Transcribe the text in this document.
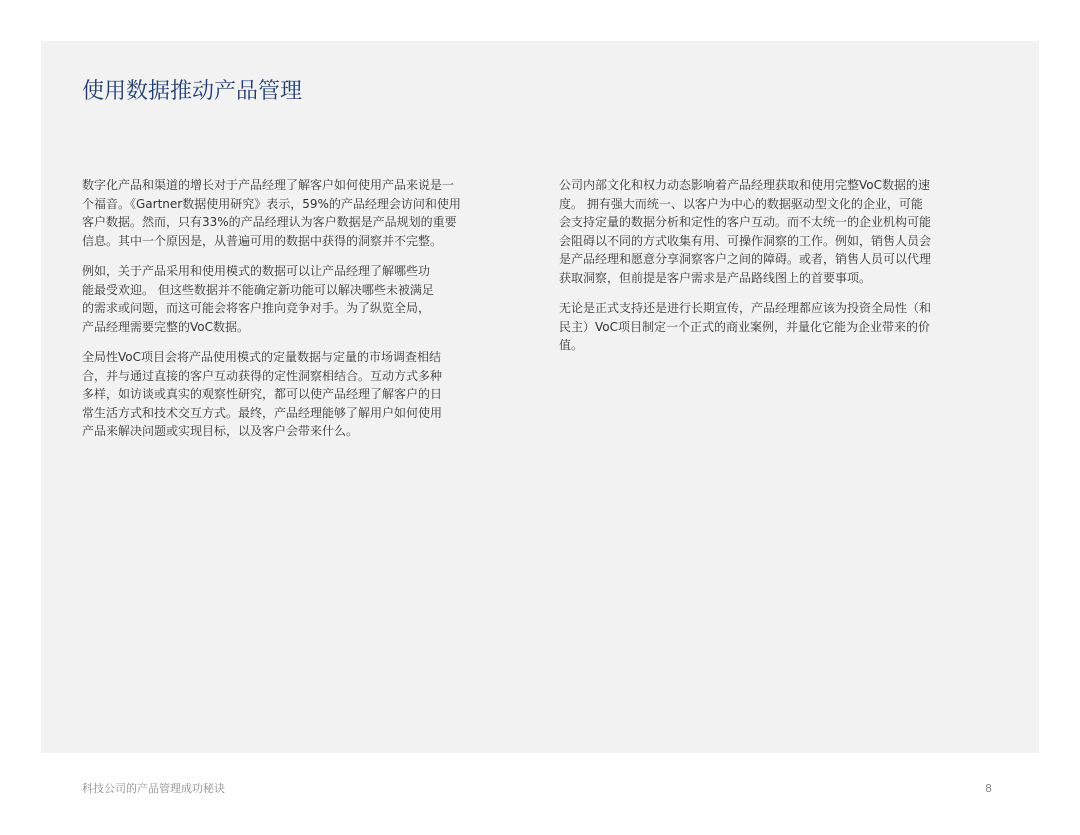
使用数据推动产品管理

数字化产品和渠道的增长对于产品经理了解客户如何使用产品来说是一
个福音。《Gartner数据使用研究》表示，59%的产品经理会访问和使用
客户数据。然而，只有33%的产品经理认为客户数据是产品规划的重要
信息。其中一个原因是，从普遍可用的数据中获得的洞察并不完整。

例如，关于产品采用和使用模式的数据可以让产品经理了解哪些功
能最受欢迎。 但这些数据并不能确定新功能可以解决哪些未被满足
的需求或问题，而这可能会将客户推向竞争对手。为了纵览全局，
产品经理需要完整的VoC数据。

全局性VoC项目会将产品使用模式的定量数据与定量的市场调查相结
合，并与通过直接的客户互动获得的定性洞察相结合。互动方式多种
多样，如访谈或真实的观察性研究，都可以使产品经理了解客户的日
常生活方式和技术交互方式。最终，产品经理能够了解用户如何使用
产品来解决问题或实现目标，以及客户会带来什么。

公司内部文化和权力动态影响着产品经理获取和使用完整VoC数据的速
度。 拥有强大而统一、以客户为中心的数据驱动型文化的企业，可能
会支持定量的数据分析和定性的客户互动。而不太统一的企业机构可能
会阻碍以不同的方式收集有用、可操作洞察的工作。例如，销售人员会
是产品经理和愿意分享洞察客户之间的障碍。或者，销售人员可以代理
获取洞察，但前提是客户需求是产品路线图上的首要事项。

无论是正式支持还是进行长期宣传，产品经理都应该为投资全局性（和
民主）VoC项目制定一个正式的商业案例，并量化它能为企业带来的价
值。

科技公司的产品管理成功秘诀	8
